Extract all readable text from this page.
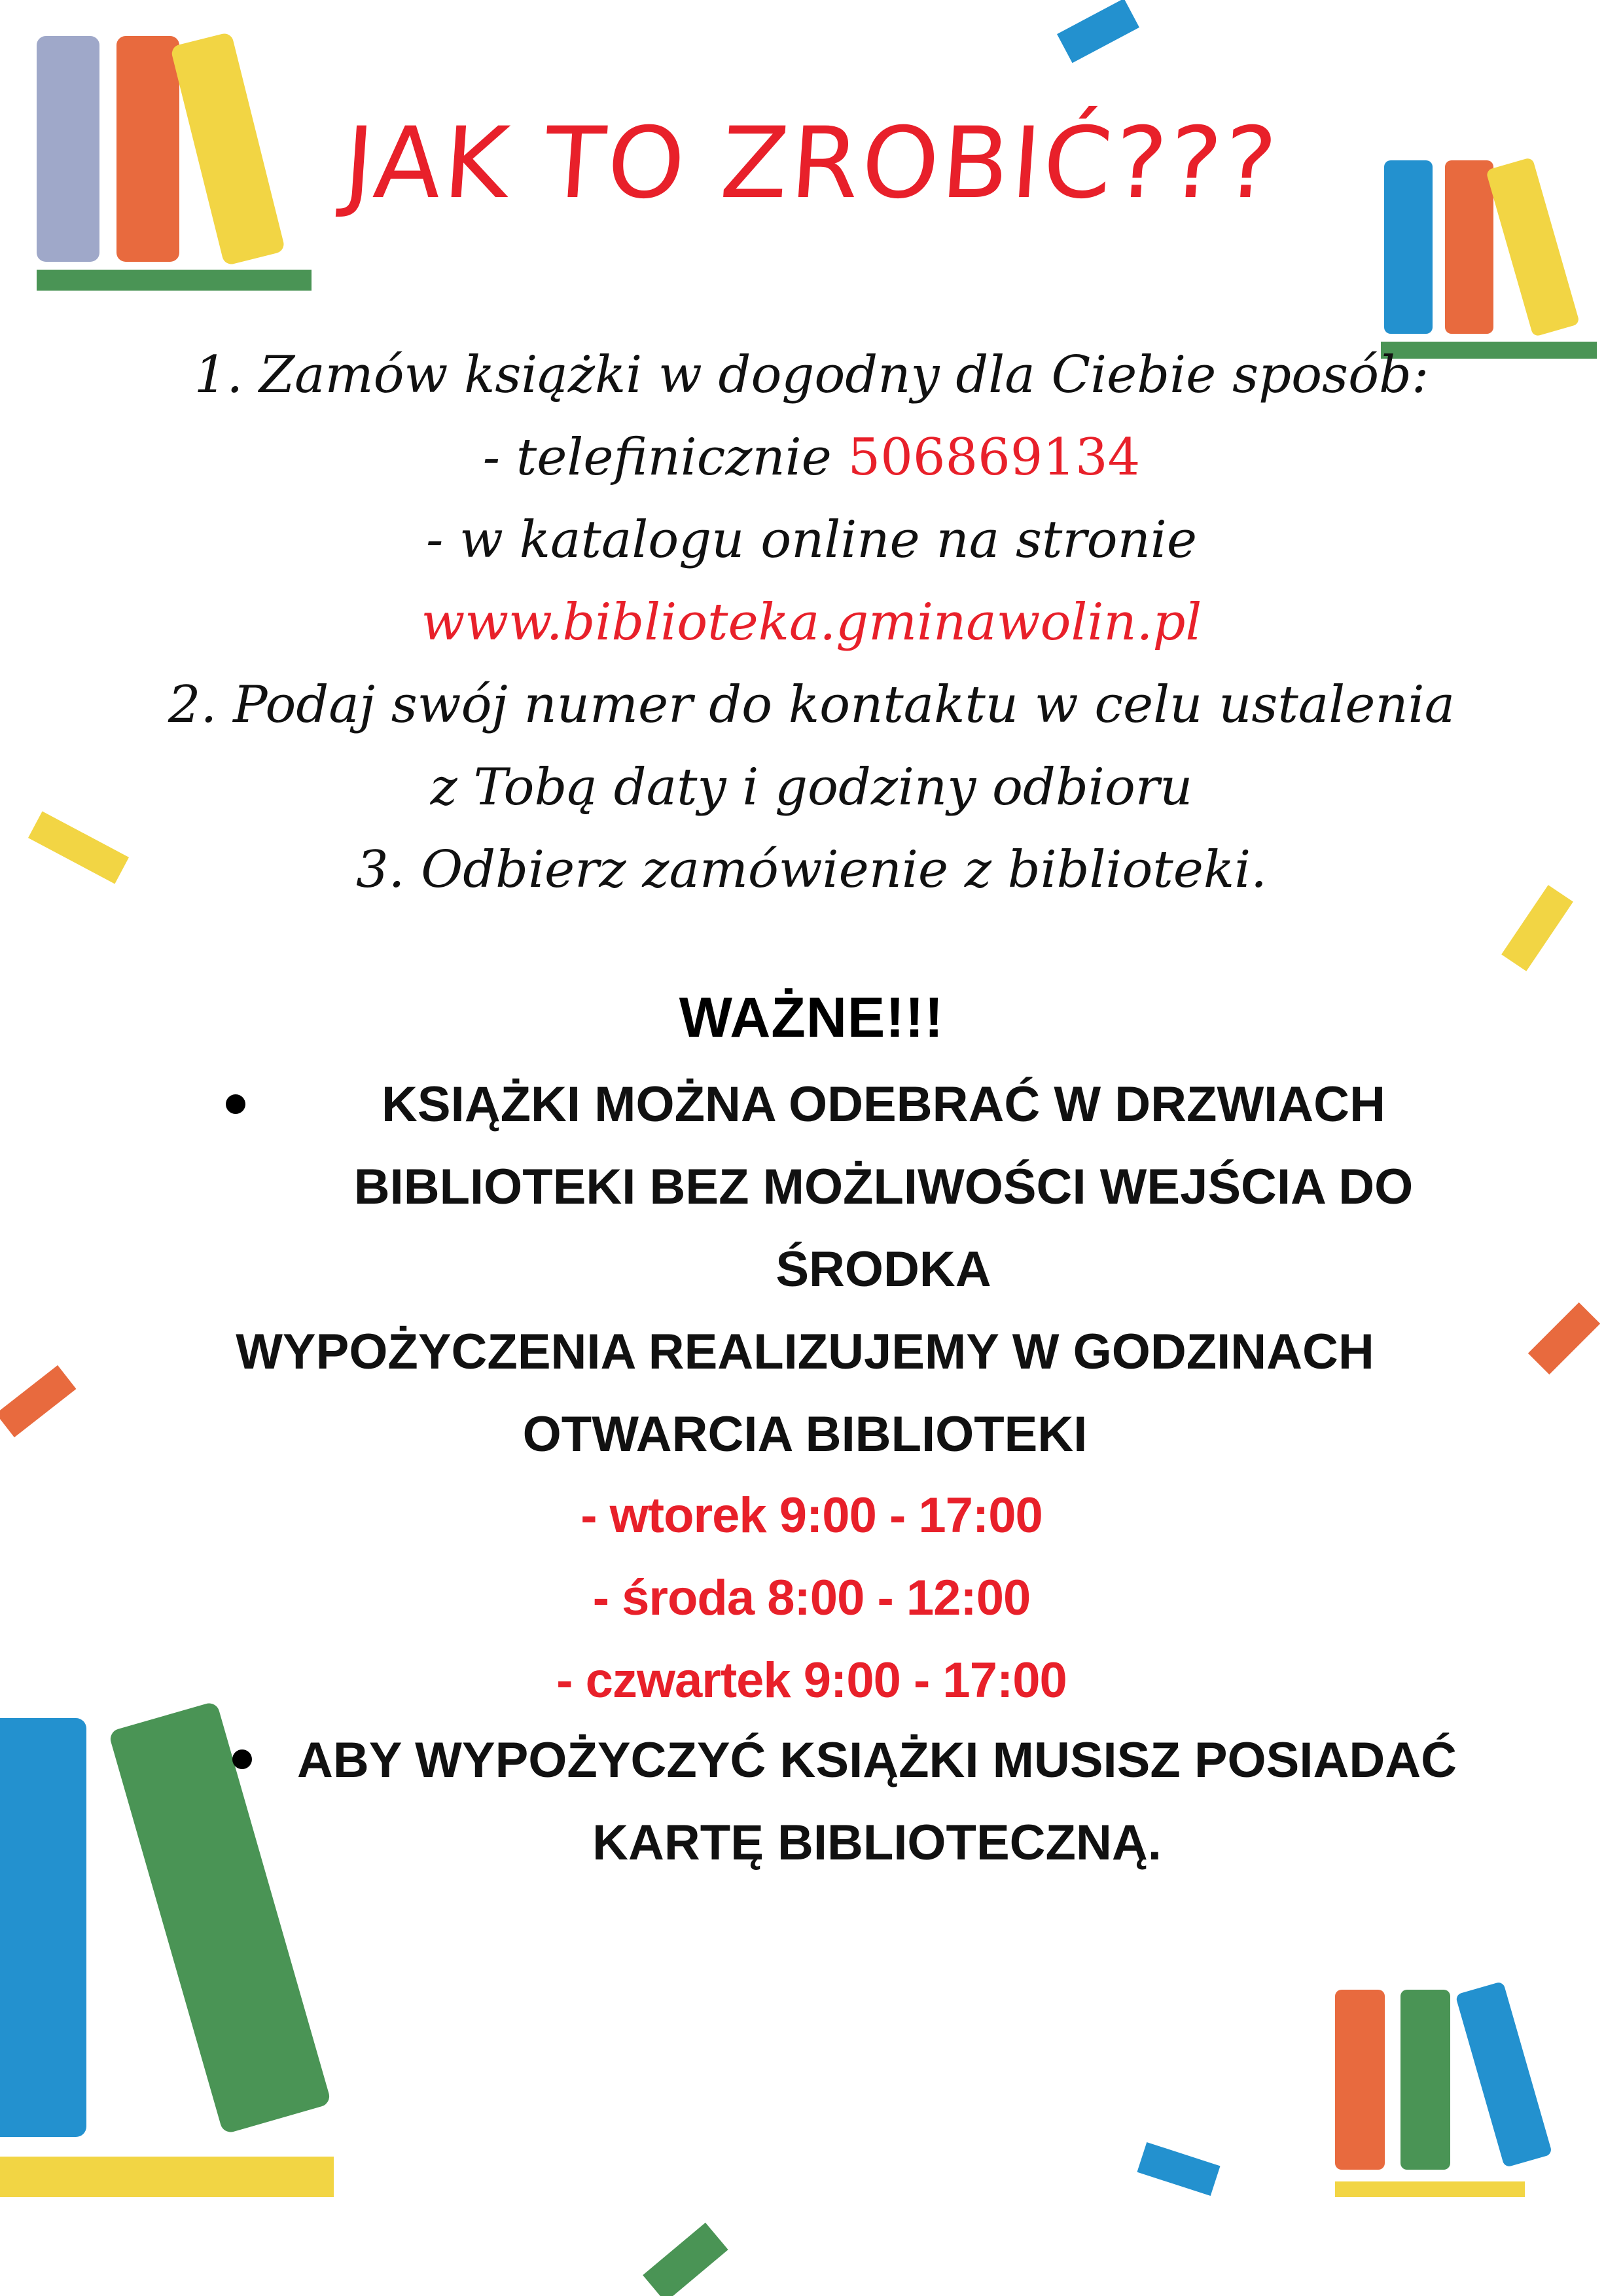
JAK TO ZROBIĆ???
1. Zamów książki w dogodny dla Ciebie sposób:
- telefinicznie 506869134
- w katalogu online na stronie
www.biblioteka.gminawolin.pl
2. Podaj swój numer do kontaktu w celu ustalenia
z Tobą daty i godziny odbioru
3. Odbierz zamówienie z biblioteki.
WAŻNE!!!
KSIĄŻKI MOŻNA ODEBRAĆ W DRZWIACH
BIBLIOTEKI BEZ MOŻLIWOŚCI WEJŚCIA DO
ŚRODKA
WYPOŻYCZENIA REALIZUJEMY W GODZINACH
OTWARCIA BIBLIOTEKI
- wtorek 9:00 - 17:00
- środa 8:00 - 12:00
- czwartek 9:00 - 17:00
ABY WYPOŻYCZYĆ KSIĄŻKI MUSISZ POSIADAĆ
KARTĘ BIBLIOTECZNĄ.
